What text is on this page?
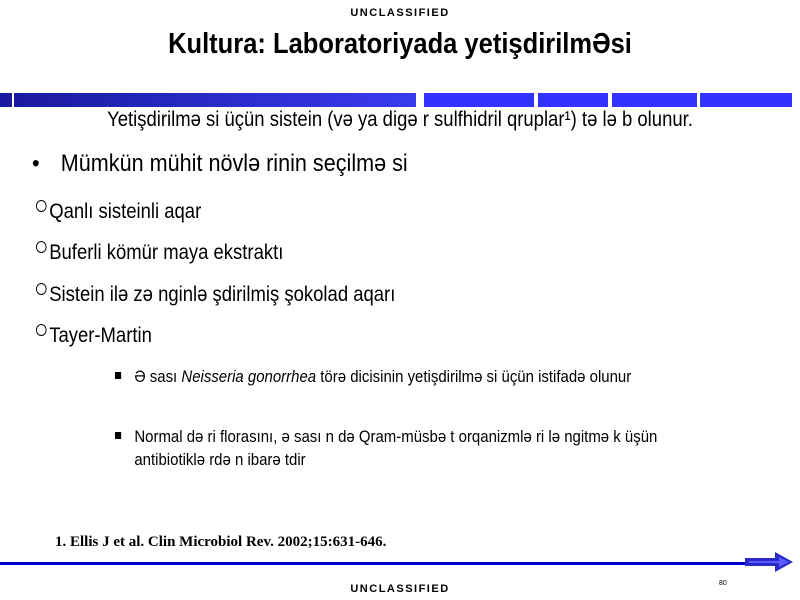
UNCLASSIFIED
Kultura: Laboratoriyada yetişdirilmƏsi
Yetişdirilmə si üçün sistein (və ya digə r sulfhidril qruplar¹) tə lə b olunur.
• Mümkün mühit növlə rinin seçilmə si
Qanlı sisteinli aqar
Buferli kömür maya ekstraktı
Sistein ilə zə nginlə şdirilmiş şokolad aqarı
Tayer-Martin
Ə sası Neisseria gonorrhea törə dicisinin yetişdirilmə si üçün istifadə olunur
Normal də ri florasını, ə sası n də Qram-müsbə t orqanizmlə ri lə ngitmə k üşün antibiotiklə rdə n ibarə tdir
1. Ellis J et al. Clin Microbiol Rev. 2002;15:631-646.
80
UNCLASSIFIED
